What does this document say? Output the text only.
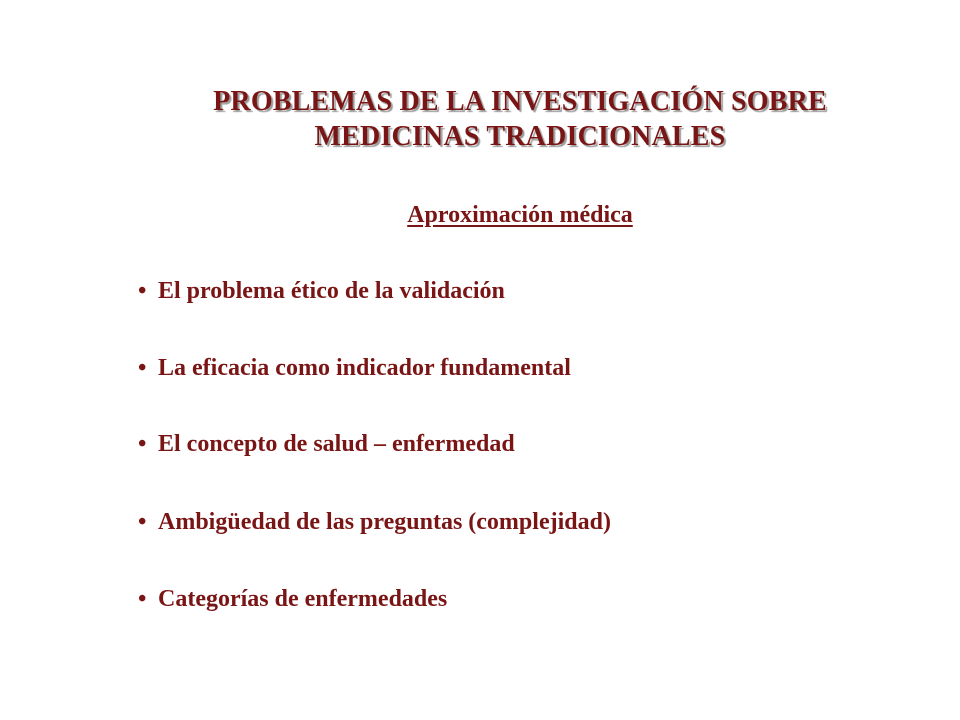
PROBLEMAS DE LA INVESTIGACIÓN SOBRE
MEDICINAS TRADICIONALES
Aproximación médica
• El problema ético de la validación
• La eficacia como indicador fundamental
• El concepto de salud – enfermedad
• Ambigüedad de las preguntas (complejidad)
• Categorías de enfermedades
